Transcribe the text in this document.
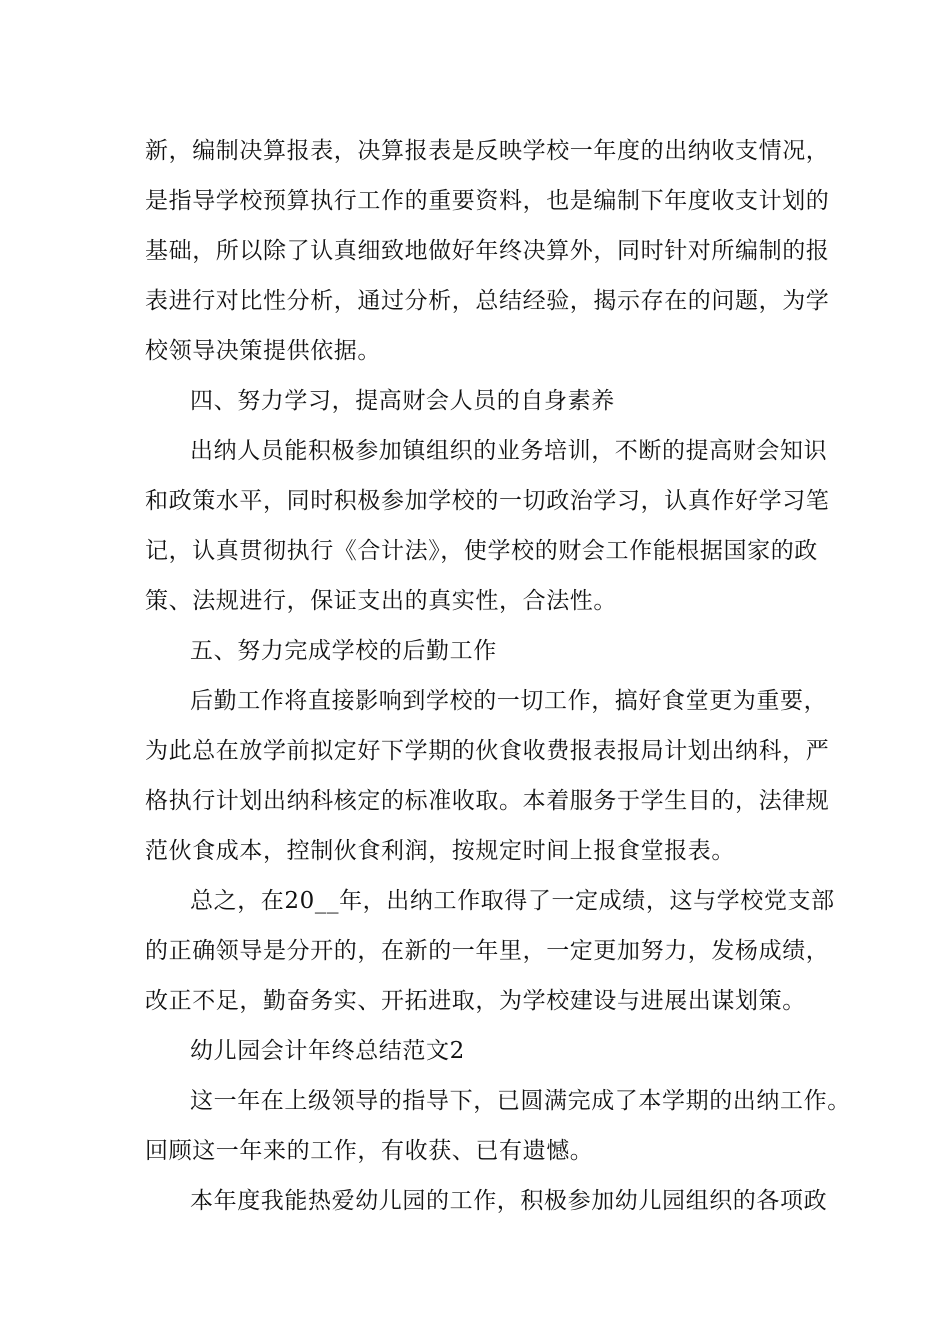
新，编制决算报表，决算报表是反映学校一年度的出纳收支情况，
是指导学校预算执行工作的重要资料，也是编制下年度收支计划的
基础，所以除了认真细致地做好年终决算外，同时针对所编制的报
表进行对比性分析，通过分析，总结经验，揭示存在的问题，为学
校领导决策提供依据。
四、努力学习，提高财会人员的自身素养
出纳人员能积极参加镇组织的业务培训，不断的提高财会知识
和政策水平，同时积极参加学校的一切政治学习，认真作好学习笔
记，认真贯彻执行《合计法》，使学校的财会工作能根据国家的政
策、法规进行，保证支出的真实性，合法性。
五、努力完成学校的后勤工作
后勤工作将直接影响到学校的一切工作，搞好食堂更为重要，
为此总在放学前拟定好下学期的伙食收费报表报局计划出纳科，严
格执行计划出纳科核定的标准收取。本着服务于学生目的，法律规
范伙食成本，控制伙食利润，按规定时间上报食堂报表。
总之，在20__年，出纳工作取得了一定成绩，这与学校党支部
的正确领导是分开的，在新的一年里，一定更加努力，发杨成绩，
改正不足，勤奋务实、开拓进取，为学校建设与进展出谋划策。
幼儿园会计年终总结范文2
这一年在上级领导的指导下，已圆满完成了本学期的出纳工作。
回顾这一年来的工作，有收获、已有遗憾。
本年度我能热爱幼儿园的工作，积极参加幼儿园组织的各项政
